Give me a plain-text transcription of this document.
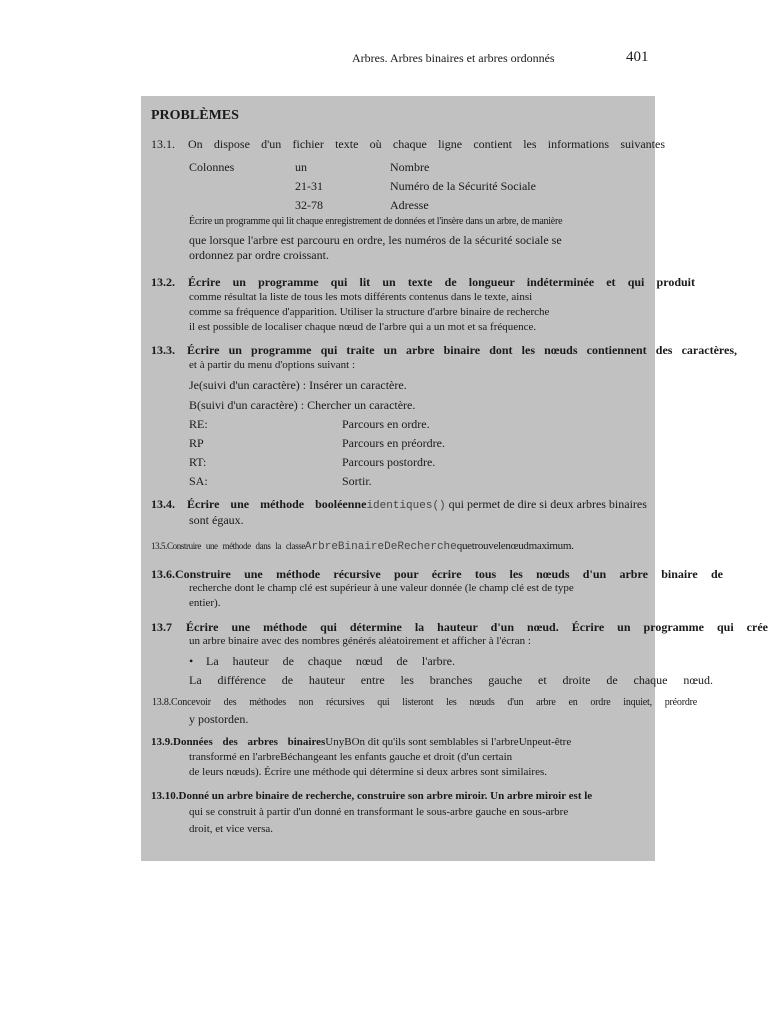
Arbres. Arbres binaires et arbres ordonnés	401
PROBLÈMES
13.1. On dispose d'un fichier texte où chaque ligne contient les informations suivantes
Colonnes	un	Nombre
21-31	Numéro de la Sécurité Sociale
32-78	Adresse
Écrire un programme qui lit chaque enregistrement de données et l'insère dans un arbre, de manière
que lorsque l'arbre est parcouru en ordre, les numéros de la sécurité sociale se
ordonnez par ordre croissant.
13.2. Écrire un programme qui lit un texte de longueur indéterminée et qui produit
comme résultat la liste de tous les mots différents contenus dans le texte, ainsi
comme sa fréquence d'apparition. Utiliser la structure d'arbre binaire de recherche
il est possible de localiser chaque nœud de l'arbre qui a un mot et sa fréquence.
13.3. Écrire un programme qui traite un arbre binaire dont les nœuds contiennent des caractères,
et à partir du menu d'options suivant :
Je(suivi d'un caractère) : Insérer un caractère.
B(suivi d'un caractère) : Chercher un caractère.
RE:	Parcours en ordre.
RP	Parcours en préordre.
RT:	Parcours postordre.
SA:	Sortir.
13.4. Écrire une méthode booléenneidentiques() qui permet de dire si deux arbres binaires
sont égaux.
13.5.Construire une méthode dans la classeArbreBinaireDeRecherchequetrouvelenœudmaximum.
13.6.Construire une méthode récursive pour écrire tous les nœuds d'un arbre binaire de
recherche dont le champ clé est supérieur à une valeur donnée (le champ clé est de type
entier).
13.7 Écrire une méthode qui détermine la hauteur d'un nœud. Écrire un programme qui crée
un arbre binaire avec des nombres générés aléatoirement et afficher à l'écran :
• La hauteur de chaque nœud de l'arbre.
La différence de hauteur entre les branches gauche et droite de chaque nœud.
13.8.Concevoir des méthodes non récursives qui listeront les nœuds d'un arbre en ordre inquiet, préordre
y postorden.
13.9.Données des arbres binairesUnyBOn dit qu'ils sont semblables si l'arbreUnpeut-être
transformé en l'arbreBéchangeant les enfants gauche et droit (d'un certain
de leurs nœuds). Écrire une méthode qui détermine si deux arbres sont similaires.
13.10.Donné un arbre binaire de recherche, construire son arbre miroir. Un arbre miroir est le
qui se construit à partir d'un donné en transformant le sous-arbre gauche en sous-arbre
droit, et vice versa.
